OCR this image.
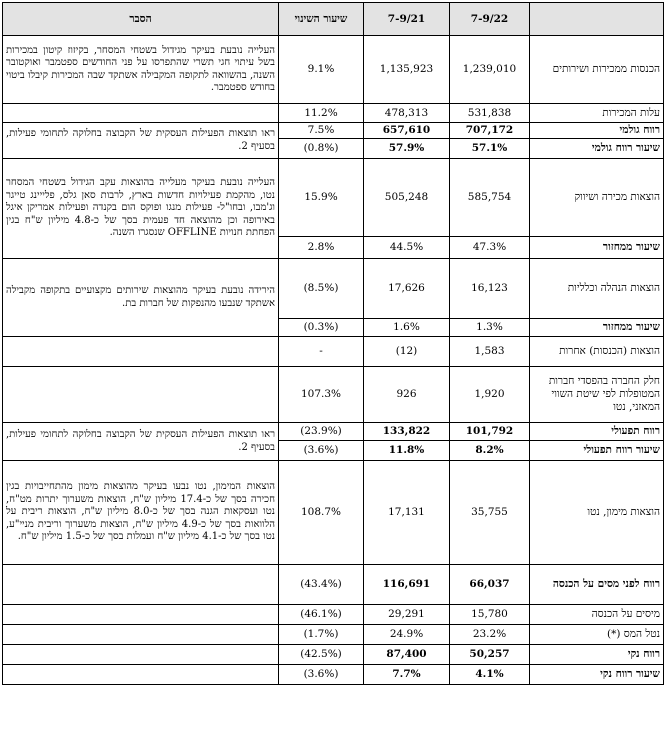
	7-9/22	7-9/21	שיעור השינוי	הסבר
הכנסות ממכירות ושירותים	1,239,010	1,135,923	9.1%	העלייה נובעת בעיקר מגידול בשטחי המסחר, בקיזוז קיטון במכירות בשל עיתוי חגי תשרי שהתפרסו על פני החודשים ספטמבר ואוקטובר השנה, בהשוואה לתקופה המקבילה אשתקד שבה המכירות קיבלו ביטוי בחודש ספטמבר.
עלות המכירות	531,838	478,313	11.2%	
רווח גולמי	707,172	657,610	7.5%	ראו תוצאות הפעילות העסקית של הקבוצה בחלוקה לתחומי פעילות, בסעיף 2.
שיעור רווח גולמי	57.1%	57.9%	(0.8%)	
הוצאות מכירה ושיווק	585,754	505,248	15.9%	העלייה נובעת בעיקר מעלייה בהוצאות עקב הגידול בשטחי המסחר נטו, מהקמת פעילויות חדשות בארץ, לרבות סאן גלס, פלייינג טייגר וג'מבו, ובחו"ל- פעילות מנגו ופוקס הום בקנדה ופעילות אמריקן איגל באירופה וכן מהוצאה חד פעמית בסך של כ-4.8 מיליון ש"ח בגין הפחתת חנויות OFFLINE שנסגרו השנה.
שיעור ממחזור	47.3%	44.5%	2.8%	
הוצאות הנהלה וכלליות	16,123	17,626	(8.5%)	הירידה נובעת בעיקר מהוצאות שירותים מקצועיים בתקופה מקבילה אשתקד שנבעו מהנפקות של חברות בת.
שיעור ממחזור	1.3%	1.6%	(0.3%)	
הוצאות (הכנסות) אחרות	1,583	(12)	-	
חלק החברה בהפסדי חברות המטופלות לפי שיטת השווי המאזני, נטו	1,920	926	107.3%	
רווח תפעולי	101,792	133,822	(23.9%)	ראו תוצאות הפעילות העסקית של הקבוצה בחלוקה לתחומי פעילות, בסעיף 2.
שיעור רווח תפעולי	8.2%	11.8%	(3.6%)	
הוצאות מימון, נטו	35,755	17,131	108.7%	הוצאות המימון, נטו נבעו בעיקר מהוצאות מימון מהתחייבויות בגין חכירה בסך של כ-17.4 מיליון ש"ח, הוצאות משערוך יתרות מט"ח, נטו ועסקאות הגנה בסך של כ-8.0 מיליון ש"ח, הוצאות ריבית על הלוואות בסך של כ-4.9 מיליון ש"ח, הוצאות משערוך וריבית מניי"ע, נטו בסך של כ-4.1 מיליון ש"ח ועמלות בסך של כ-1.5 מיליון ש"ח.
רווח לפני מסים על הכנסה	66,037	116,691	(43.4%)	
מיסים על הכנסה	15,780	29,291	(46.1%)	
נטל המס (*)	23.2%	24.9%	(1.7%)	
רווח נקי	50,257	87,400	(42.5%)	
שיעור רווח נקי	4.1%	7.7%	(3.6%)	
